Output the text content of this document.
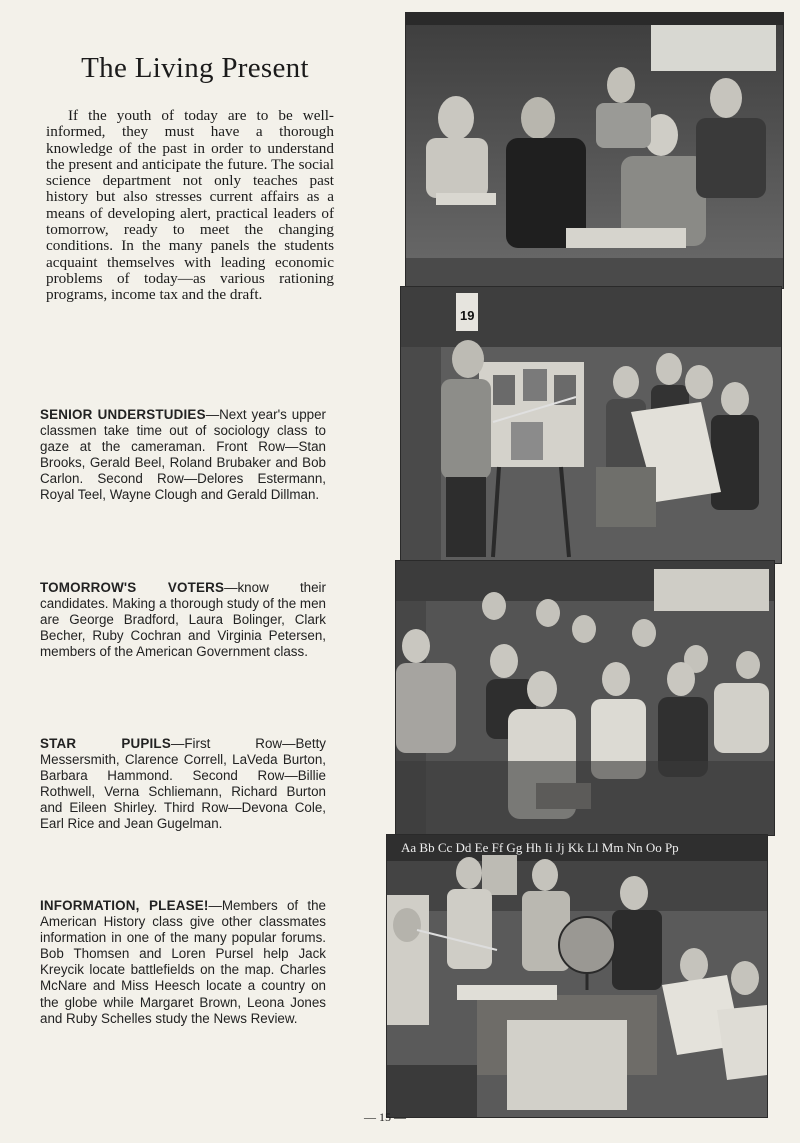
The Living Present
If the youth of today are to be well-informed, they must have a thorough knowledge of the past in order to understand the present and anticipate the future. The social science department not only teaches past history but also stresses current affairs as a means of developing alert, practical leaders of tomorrow, ready to meet the changing conditions. In the many panels the students acquaint themselves with leading economic problems of today—as various rationing programs, income tax and the draft.
SENIOR UNDERSTUDIES—Next year's upper classmen take time out of sociology class to gaze at the cameraman. Front Row—Stan Brooks, Gerald Beel, Roland Brubaker and Bob Carlon. Second Row—Delores Estermann, Royal Teel, Wayne Clough and Gerald Dillman.
TOMORROW'S VOTERS—know their candidates. Making a thorough study of the men are George Bradford, Laura Bolinger, Clark Becher, Ruby Cochran and Virginia Petersen, members of the American Government class.
STAR PUPILS—First Row—Betty Messersmith, Clarence Correll, LaVeda Burton, Barbara Hammond. Second Row—Billie Rothwell, Verna Schliemann, Richard Burton and Eileen Shirley. Third Row—Devona Cole, Earl Rice and Jean Gugelman.
INFORMATION, PLEASE!—Members of the American History class give other classmates information in one of the many popular forums. Bob Thomsen and Loren Pursel help Jack Kreycik locate battlefields on the map. Charles McNare and Miss Heesch locate a country on the globe while Margaret Brown, Leona Jones and Ruby Schelles study the News Review.
19
Aa Bb Cc Dd Ee Ff Gg Hh Ii Jj Kk Ll Mm Nn Oo Pp
— 15 —
